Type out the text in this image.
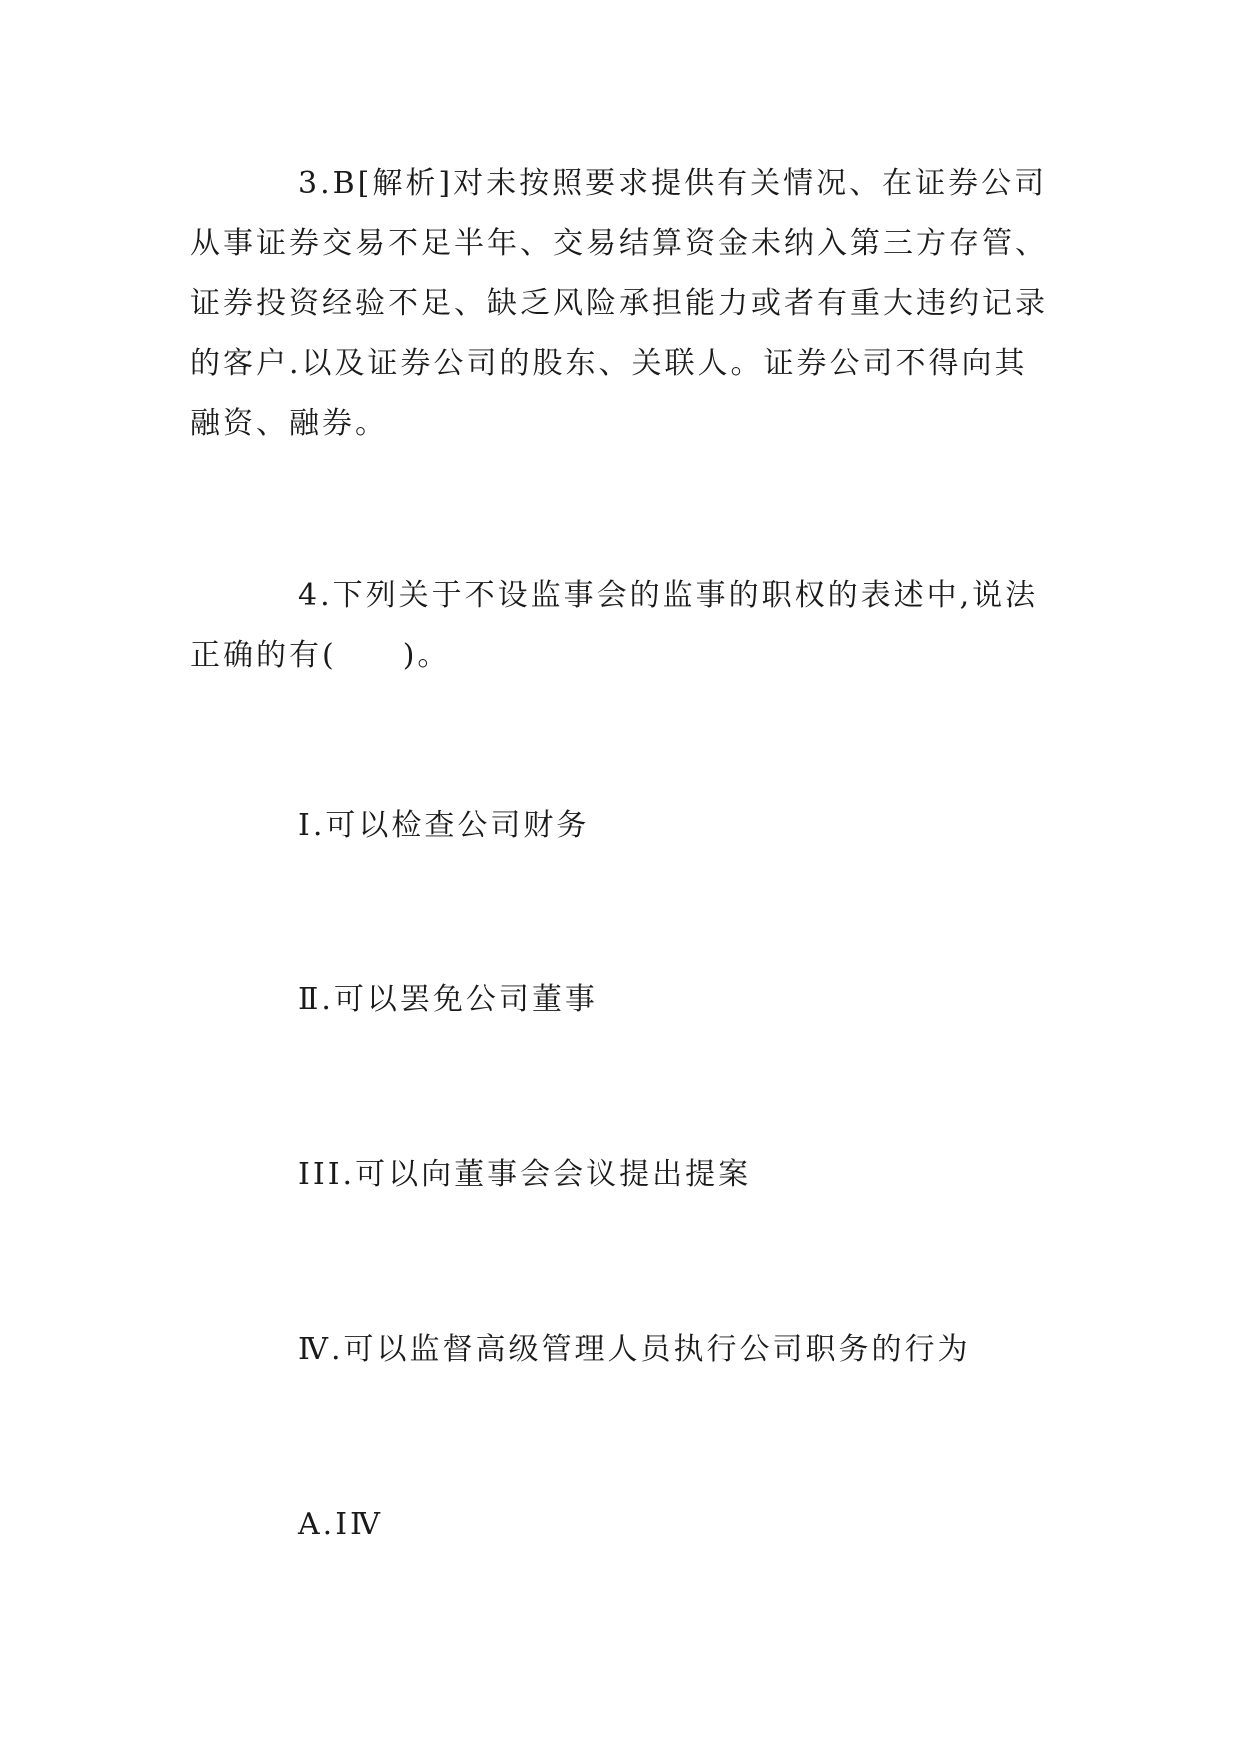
3.B[解析]对未按照要求提供有关情况、在证券公司
从事证券交易不足半年、交易结算资金未纳入第三方存管、
证券投资经验不足、缺乏风险承担能力或者有重大违约记录
的客户.以及证券公司的股东、关联人。证券公司不得向其
融资、融券。
4.下列关于不设监事会的监事的职权的表述中,说法
正确的有(　　)。

Ⅰ.可以检查公司财务

Ⅱ.可以罢免公司董事

III.可以向董事会会议提出提案

Ⅳ.可以监督高级管理人员执行公司职务的行为

A.ⅠⅣ
